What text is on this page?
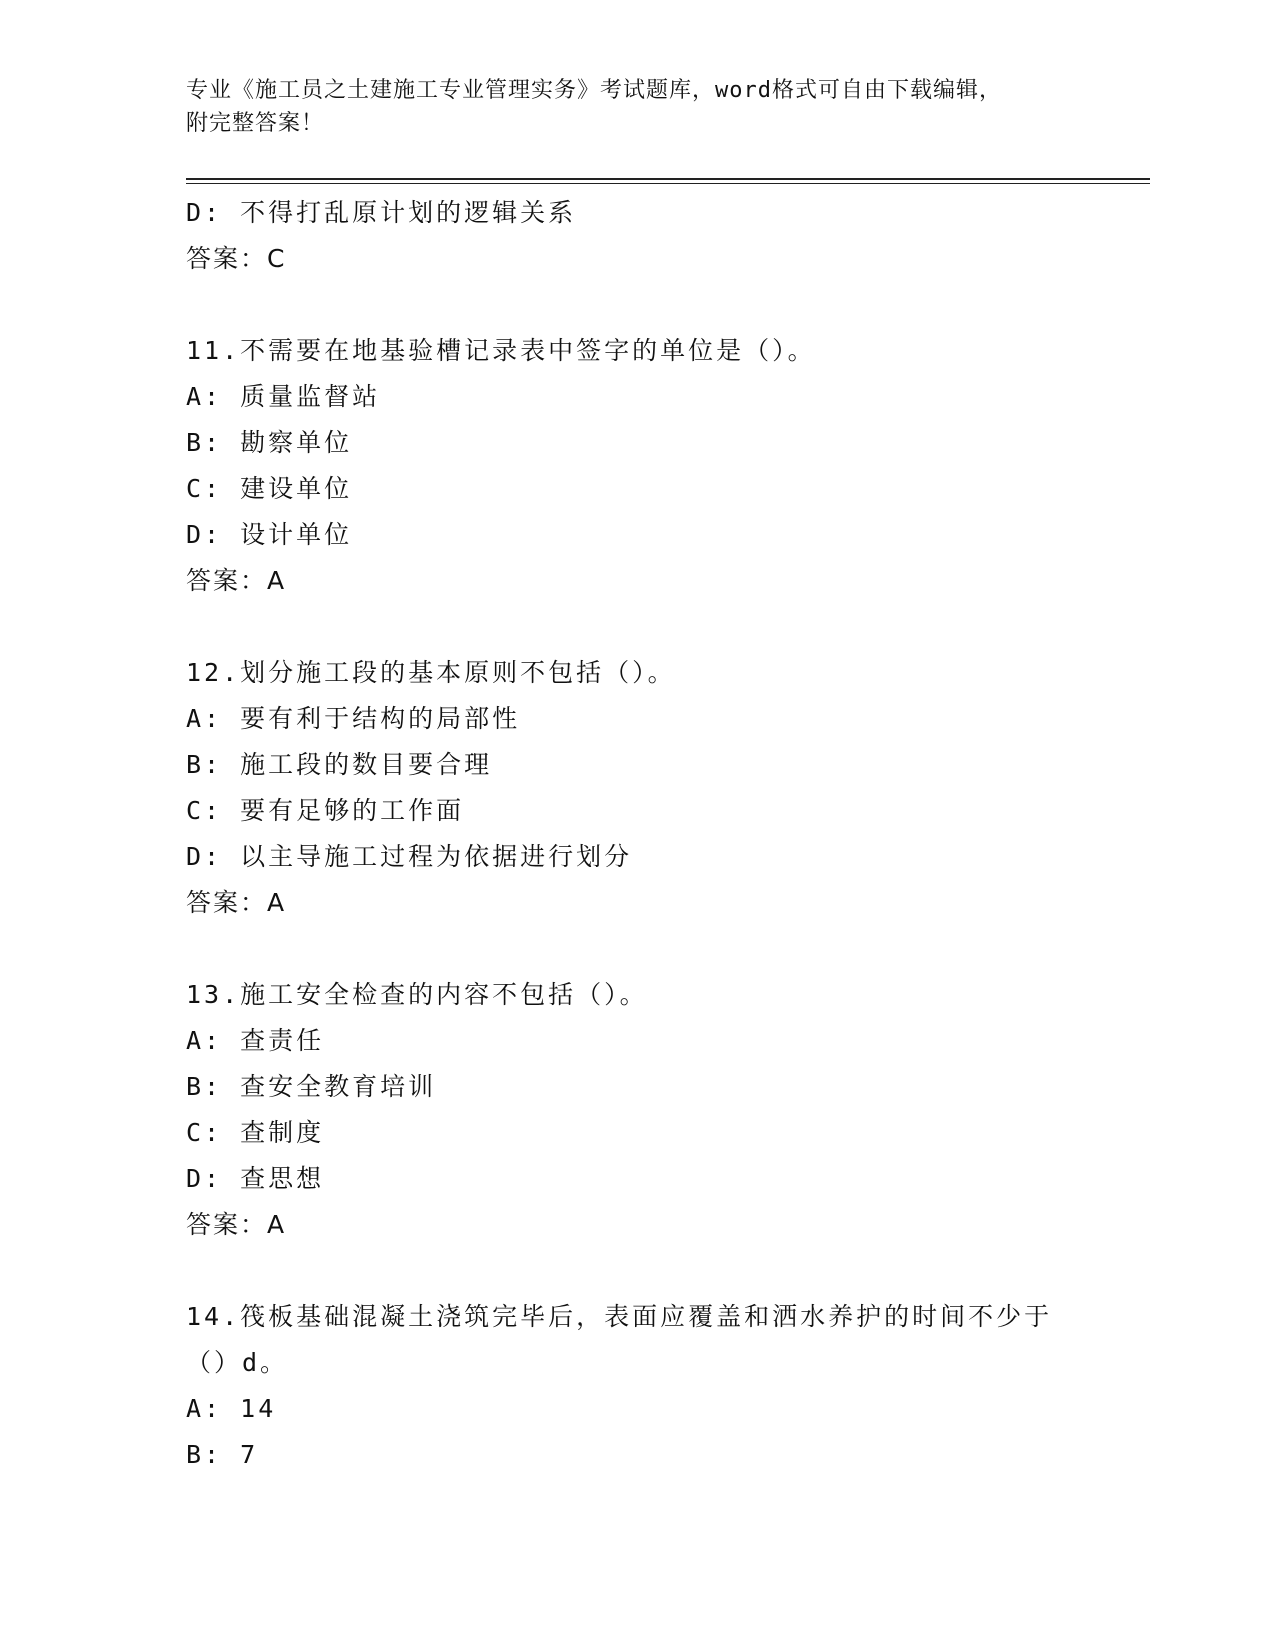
专业《施工员之土建施工专业管理实务》考试题库，word格式可自由下载编辑，
附完整答案！
D: 不得打乱原计划的逻辑关系
答案：C
11.不需要在地基验槽记录表中签字的单位是（）。
A: 质量监督站
B: 勘察单位
C: 建设单位
D: 设计单位
答案：A
12.划分施工段的基本原则不包括（）。
A: 要有利于结构的局部性
B: 施工段的数目要合理
C: 要有足够的工作面
D: 以主导施工过程为依据进行划分
答案：A
13.施工安全检查的内容不包括（）。
A: 查责任
B: 查安全教育培训
C: 查制度
D: 查思想
答案：A
14.筏板基础混凝土浇筑完毕后，表面应覆盖和洒水养护的时间不少于
（）d。
A: 14
B: 7
